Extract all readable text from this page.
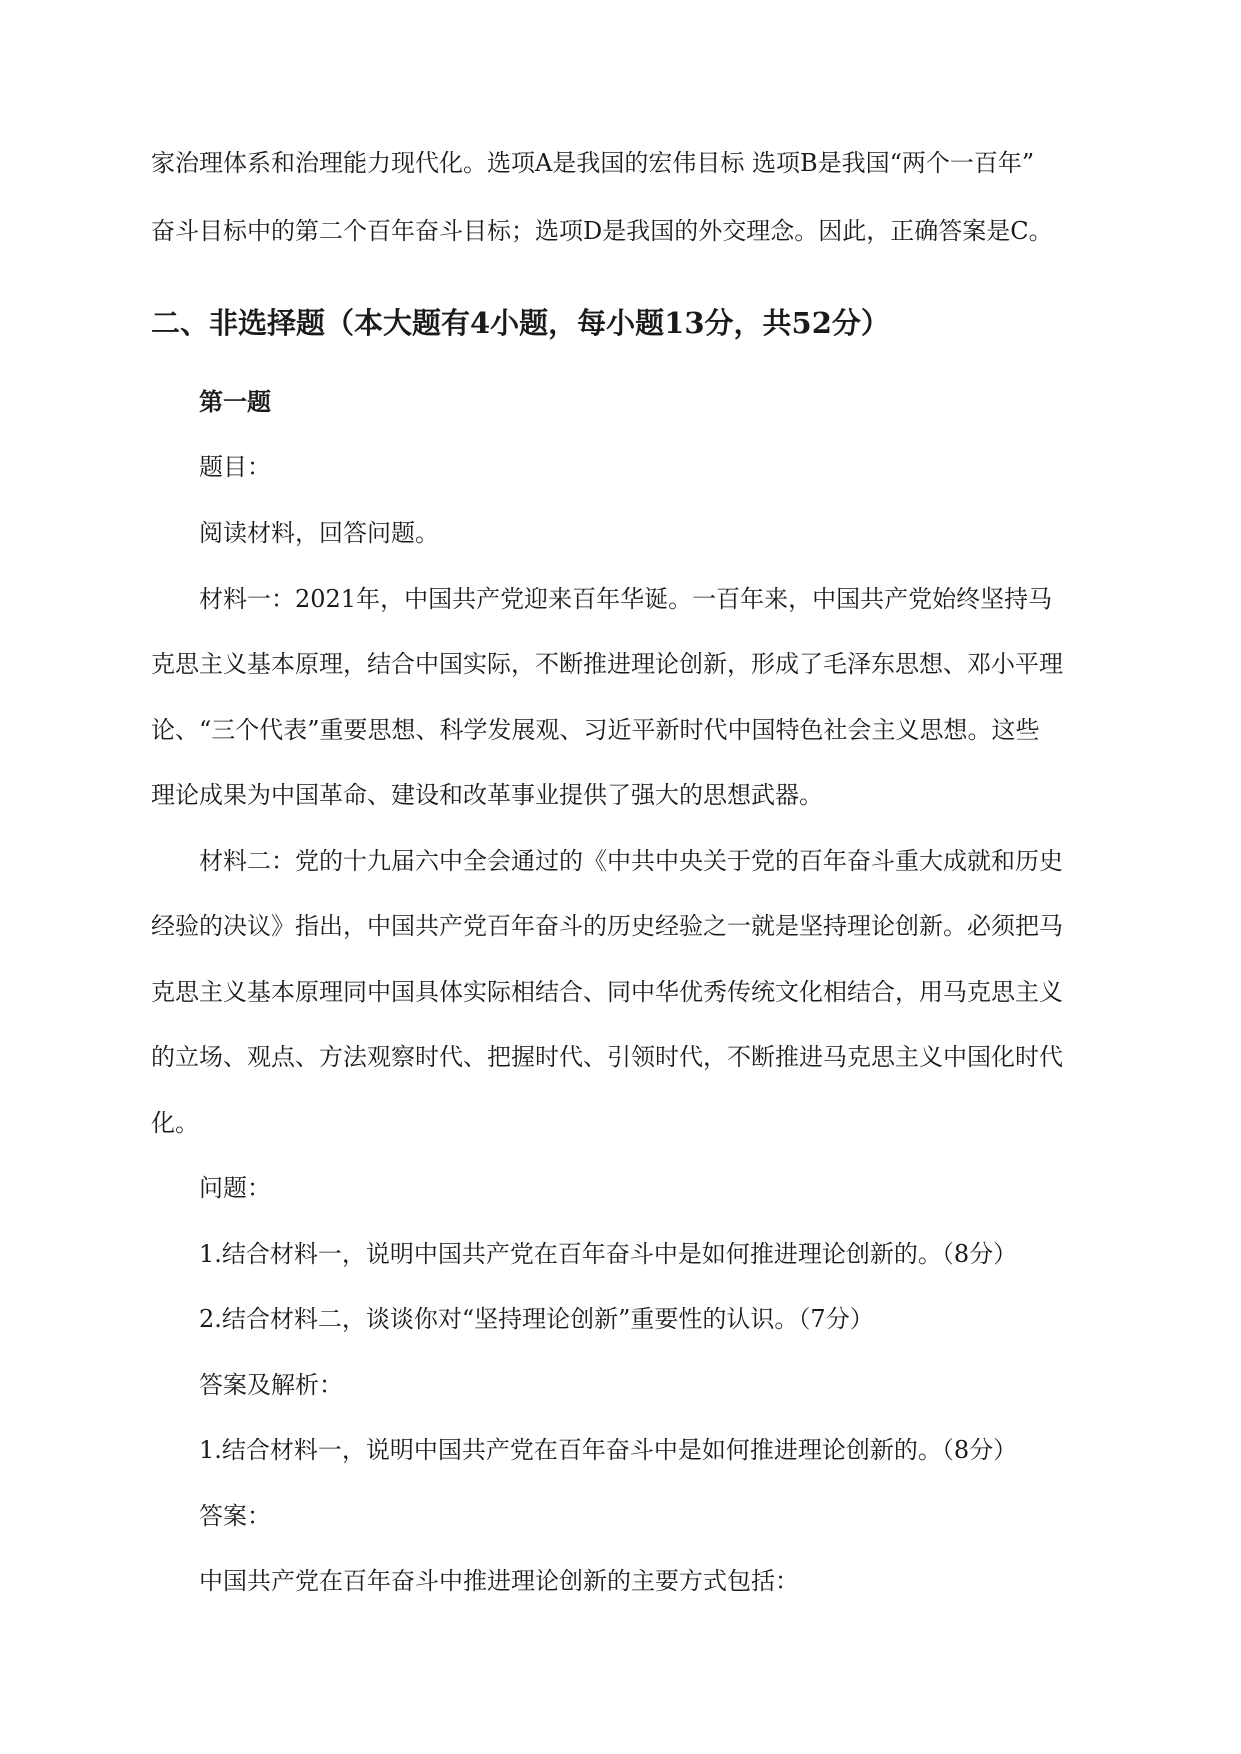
家治理体系和治理能力现代化。选项A是我国的宏伟目标 选项B是我国“两个一百年”
奋斗目标中的第二个百年奋斗目标；选项D是我国的外交理念。因此，正确答案是C。
二、非选择题（本大题有4小题，每小题13分，共52分）
第一题
题目：
阅读材料，回答问题。
材料一：2021年，中国共产党迎来百年华诞。一百年来，中国共产党始终坚持马
克思主义基本原理，结合中国实际，不断推进理论创新，形成了毛泽东思想、邓小平理
论、“三个代表”重要思想、科学发展观、习近平新时代中国特色社会主义思想。这些
理论成果为中国革命、建设和改革事业提供了强大的思想武器。
材料二：党的十九届六中全会通过的《中共中央关于党的百年奋斗重大成就和历史
经验的决议》指出，中国共产党百年奋斗的历史经验之一就是坚持理论创新。必须把马
克思主义基本原理同中国具体实际相结合、同中华优秀传统文化相结合，用马克思主义
的立场、观点、方法观察时代、把握时代、引领时代，不断推进马克思主义中国化时代
化。
问题：
1.结合材料一，说明中国共产党在百年奋斗中是如何推进理论创新的。（8分）
2.结合材料二，谈谈你对“坚持理论创新”重要性的认识。（7分）
答案及解析：
1.结合材料一，说明中国共产党在百年奋斗中是如何推进理论创新的。（8分）
答案：
中国共产党在百年奋斗中推进理论创新的主要方式包括：
